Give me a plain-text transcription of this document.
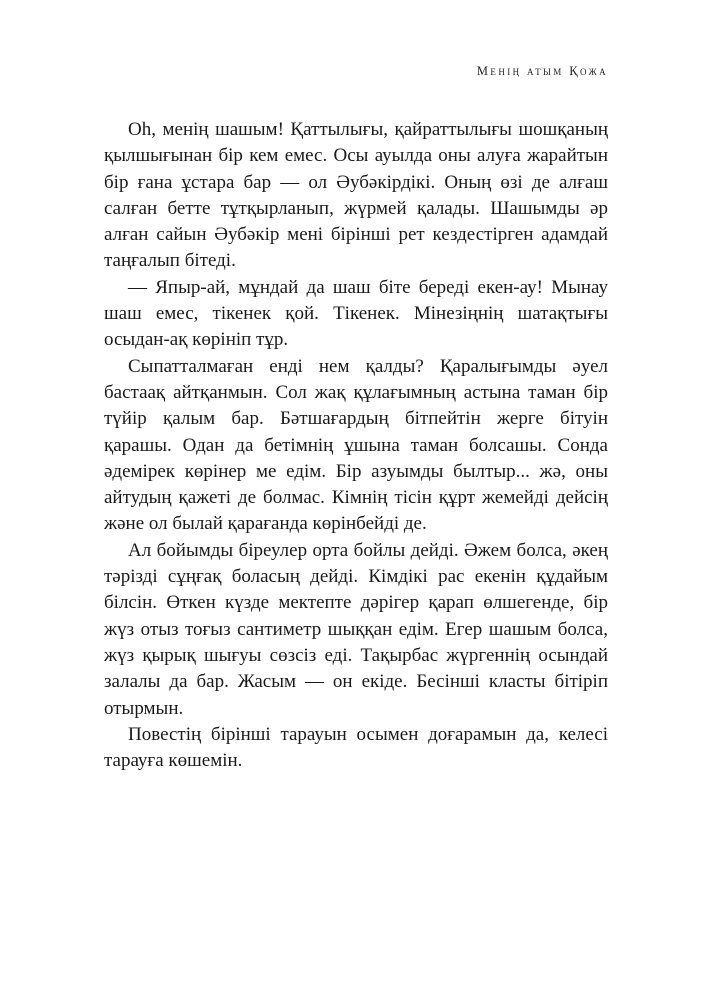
Менің атым Қожа

Oh, менің шашым! Қаттылығы, қайраттылығы шошқаның қылшығынан бір кем емес. Осы ауылда оны алуға жарайтын бір ғана ұстара бар — ол Әубәкірдікі. Оның өзі де алғаш салған бетте тұтқырланып, жүрмей қалады. Шашымды әр алған сайын Әубәкір мені бірінші рет кездестірген адамдай таңғалып бітеді.

— Япыр-ай, мұндай да шаш біте береді екен-ау! Мынау шаш емес, тікенек қой. Тікенек. Мінезіңнің шатақтығы осыдан-ақ көрініп тұр.

Сыпатталмаған енді нем қалды? Қаралығымды әуел бастаақ айтқанмын. Сол жақ құлағымның астына таман бір түйір қалым бар. Бәтшағардың бітпейтін жерге бітуін қарашы. Одан да бетімнің ұшына таман болсашы. Сонда әдемірек көрінер ме едім. Бір азуымды былтыр... жә, оны айтудың қажеті де болмас. Кімнің тісін құрт жемейді дейсің және ол былай қарағанда көрінбейді де.

Ал бойымды біреулер орта бойлы дейді. Әжем болса, әкең тәрізді сұңғақ боласың дейді. Кімдікі рас екенін құдайым білсін. Өткен күзде мектепте дәрігер қарап өлшегенде, бір жүз отыз тоғыз сантиметр шыққан едім. Егер шашым болса, жүз қырық шығуы сөзсіз еді. Тақырбас жүргеннің осындай залалы да бар. Жасым — он екіде. Бесінші класты бітіріп отырмын.

Повестің бірінші тарауын осымен доғарамын да, келесі тарауға көшемін.
